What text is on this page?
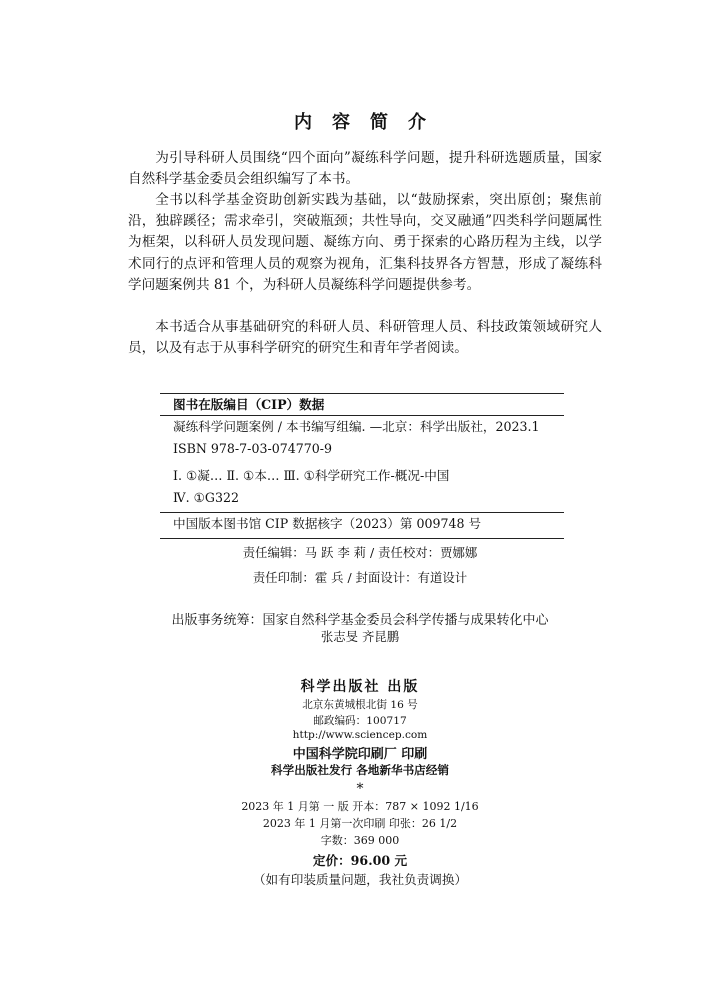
内容简介

为引导科研人员围绕“四个面向”凝练科学问题，提升科研选题质量，国家自然科学基金委员会组织编写了本书。

全书以科学基金资助创新实践为基础，以“鼓励探索，突出原创；聚焦前沿，独辟蹊径；需求牵引，突破瓶颈；共性导向，交叉融通”四类科学问题属性为框架，以科研人员发现问题、凝练方向、勇于探索的心路历程为主线，以学术同行的点评和管理人员的观察为视角，汇集科技界各方智慧，形成了凝练科学问题案例共 81 个，为科研人员凝练科学问题提供参考。

本书适合从事基础研究的科研人员、科研管理人员、科技政策领域研究人员，以及有志于从事科学研究的研究生和青年学者阅读。

图书在版编目（CIP）数据
凝练科学问题案例 / 本书编写组编. —北京：科学出版社，2023.1
ISBN 978-7-03-074770-9
Ⅰ. ①凝… Ⅱ. ①本… Ⅲ. ①科学研究工作-概况-中国
Ⅳ. ①G322
中国版本图书馆 CIP 数据核字（2023）第 009748 号
责任编辑：马 跃 李 莉 / 责任校对：贾娜娜
责任印制：霍 兵 / 封面设计：有道设计
出版事务统筹：国家自然科学基金委员会科学传播与成果转化中心
张志旻 齐昆鹏
科学出版社 出版
北京东黄城根北街 16 号
邮政编码：100717
http://www.sciencep.com
中国科学院印刷厂 印刷
科学出版社发行 各地新华书店经销
*
2023 年 1 月第 一 版 开本：787 × 1092 1/16
2023 年 1 月第一次印刷 印张：26 1/2
字数：369 000
定价：96.00 元
（如有印装质量问题，我社负责调换）
